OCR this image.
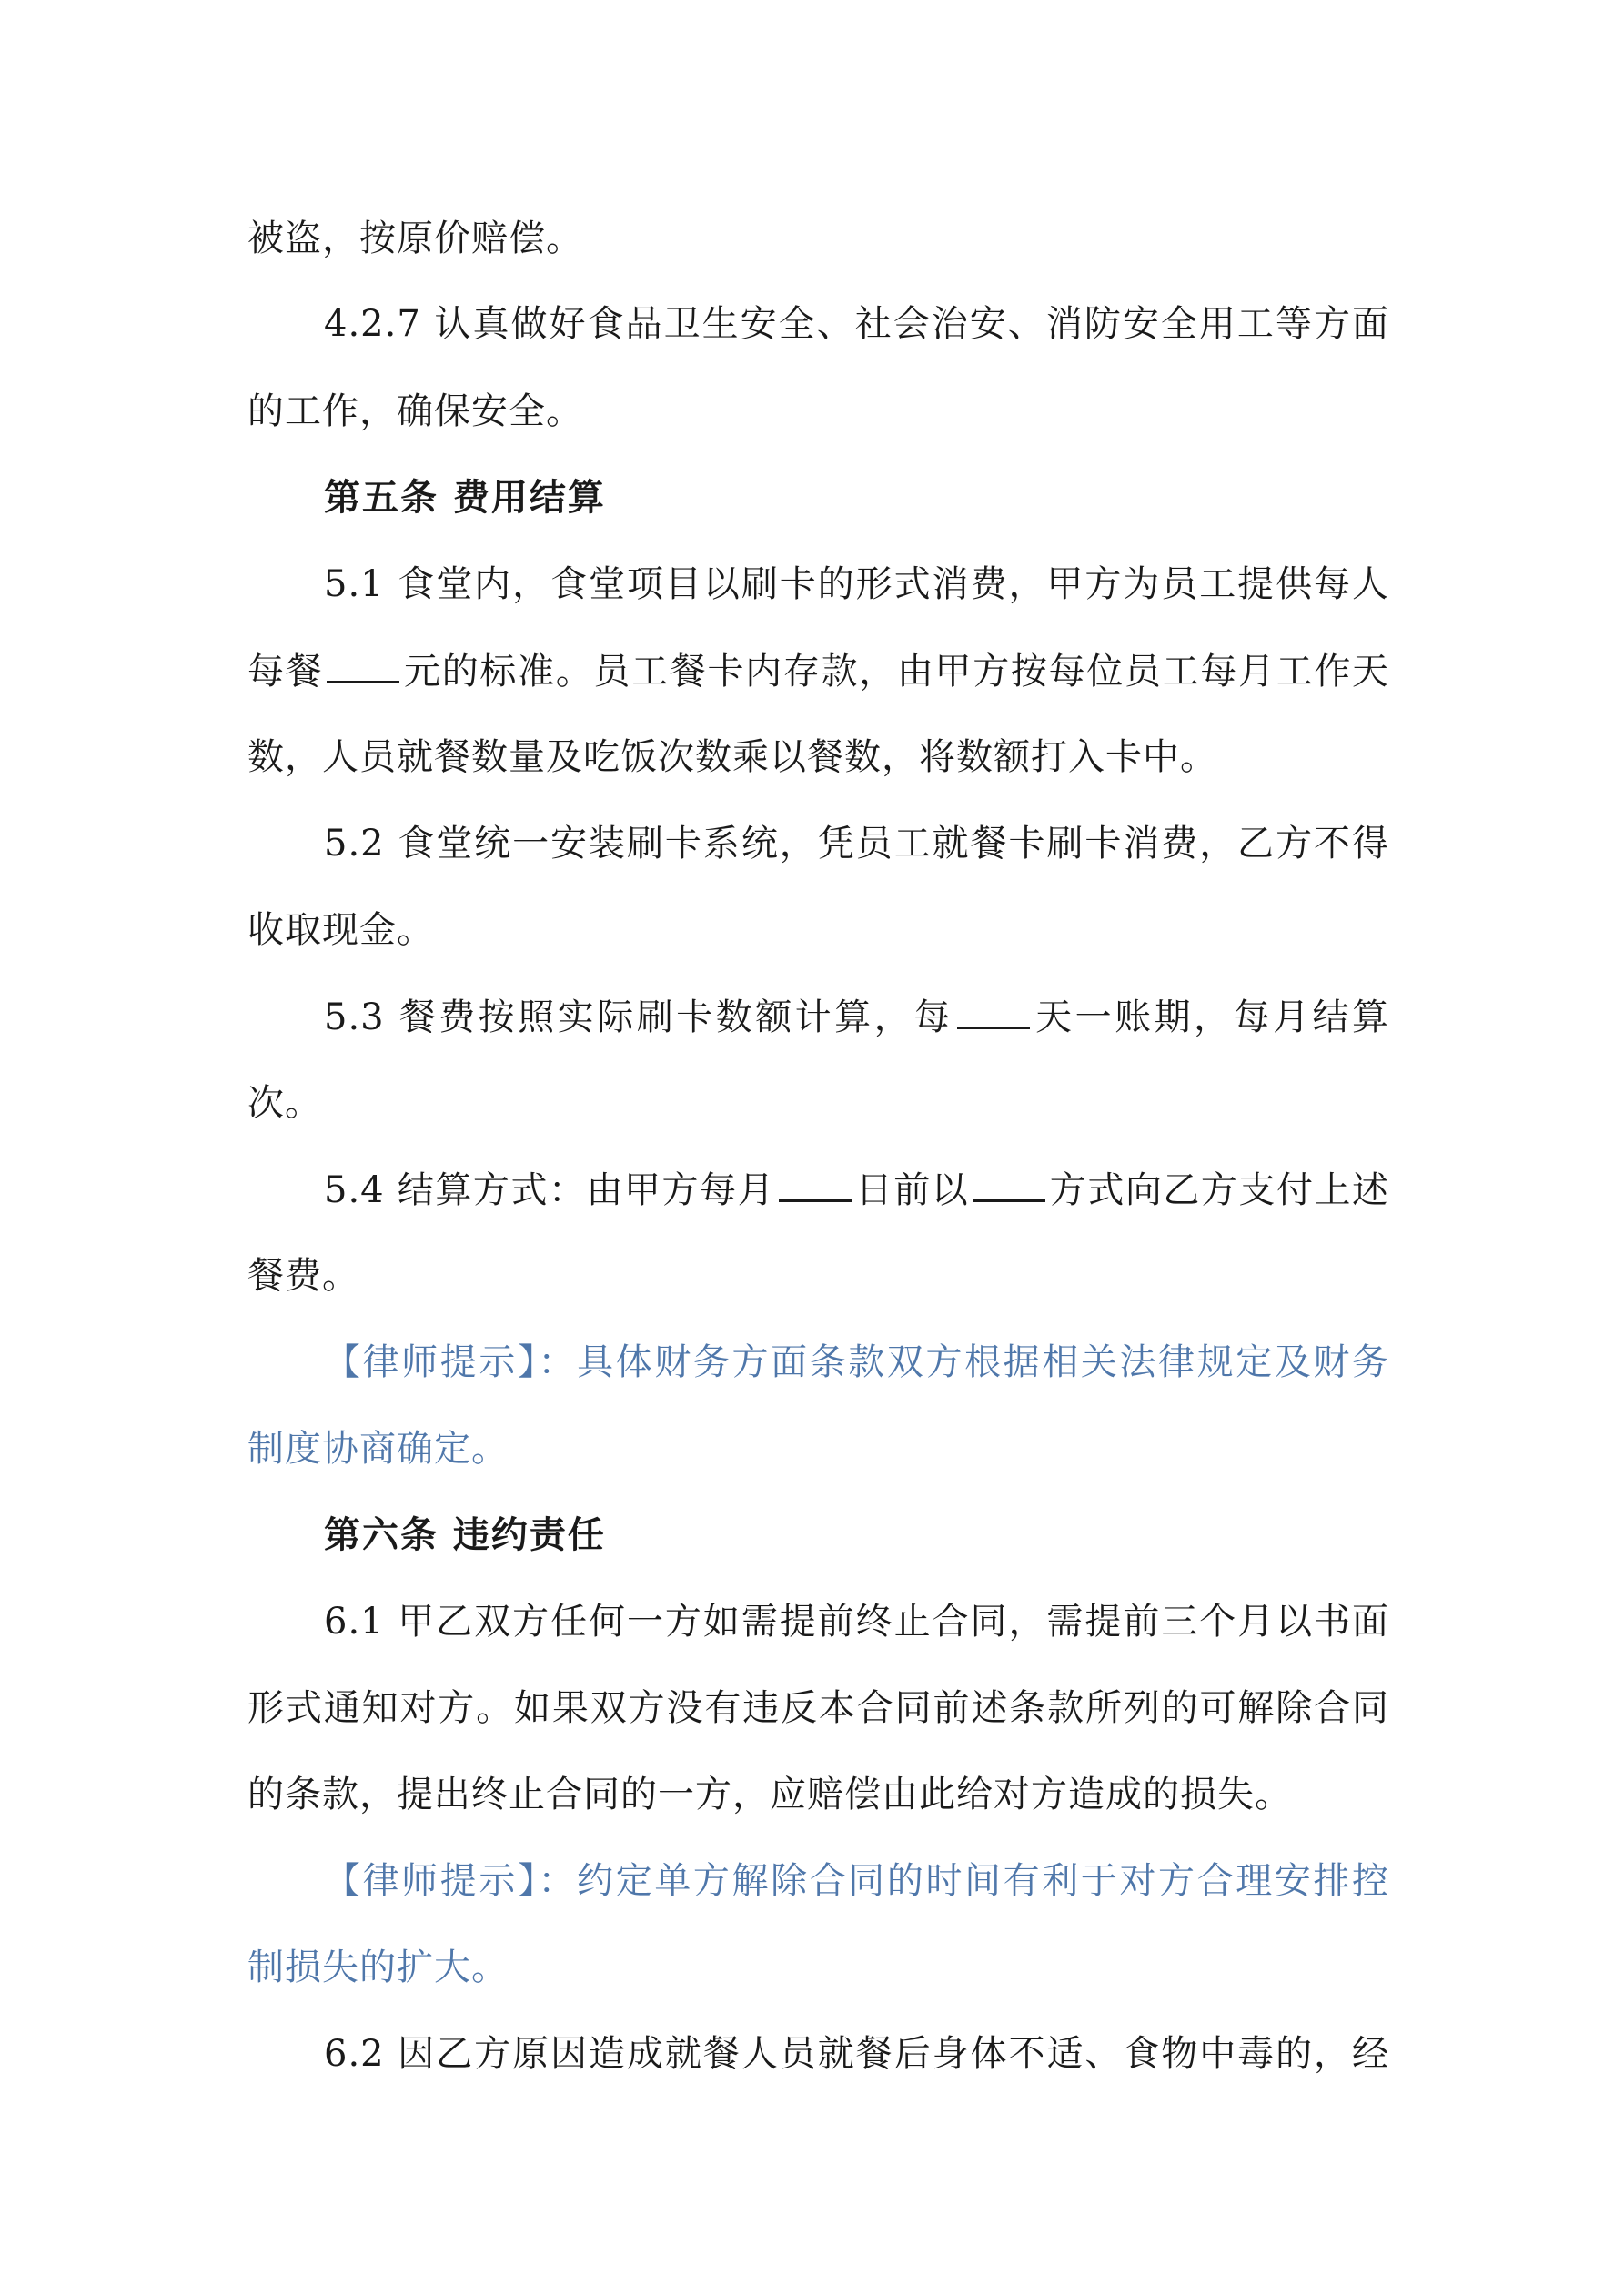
被盗，按原价赔偿。
4.2.7 认真做好食品卫生安全、社会治安、消防安全用工等方面
的工作，确保安全。
第五条 费用结算
5.1 食堂内，食堂项目以刷卡的形式消费，甲方为员工提供每人
每餐 元的标准。员工餐卡内存款，由甲方按每位员工每月工作天
数，人员就餐数量及吃饭次数乘以餐数，将数额打入卡中。
5.2 食堂统一安装刷卡系统，凭员工就餐卡刷卡消费，乙方不得
收取现金。
5.3 餐费按照实际刷卡数额计算，每 天一账期，每月结算
次。
5.4 结算方式：由甲方每月 日前以 方式向乙方支付上述
餐费。
【律师提示】：具体财务方面条款双方根据相关法律规定及财务
制度协商确定。
第六条 违约责任
6.1 甲乙双方任何一方如需提前终止合同，需提前三个月以书面
形式通知对方。如果双方没有违反本合同前述条款所列的可解除合同
的条款，提出终止合同的一方，应赔偿由此给对方造成的损失。
【律师提示】：约定单方解除合同的时间有利于对方合理安排控
制损失的扩大。
6.2 因乙方原因造成就餐人员就餐后身体不适、食物中毒的，经
